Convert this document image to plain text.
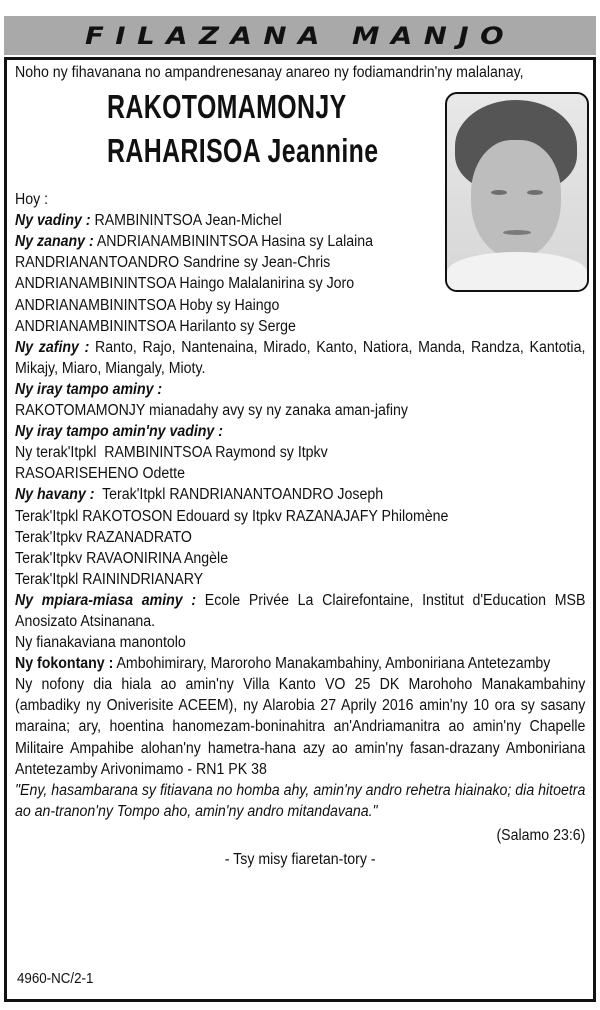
FILAZANA MANJO

Noho ny fihavanana no ampandrenesanay anareo ny fodiamandrin'ny malalanay,

RAKOTOMAMONJY
RAHARISOA Jeannine

Hoy :

Ny vadiny : RAMBININTSOA Jean-Michel

Ny zanany : ANDRIANAMBININTSOA Hasina sy Lalaina

RANDRIANANTOANDRO Sandrine sy Jean-Chris

ANDRIANAMBININTSOA Haingo Malalanirina sy Joro

ANDRIANAMBININTSOA Hoby sy Haingo

ANDRIANAMBININTSOA Harilanto sy Serge

Ny zafiny : Ranto, Rajo, Nantenaina, Mirado, Kanto, Natiora, Manda, Randza, Kantotia, Mikajy, Miaro, Miangaly, Mioty.

Ny iray tampo aminy :

RAKOTOMAMONJY mianadahy avy sy ny zanaka aman-jafiny

Ny iray tampo amin'ny vadiny :

Ny terak'Itpkl  RAMBININTSOA Raymond sy Itpkv

RASOARISEHENO Odette

Ny havany :  Terak'Itpkl RANDRIANANTOANDRO Joseph

Terak'Itpkl RAKOTOSON Edouard sy Itpkv RAZANAJAFY Philomène

Terak'Itpkv RAZANADRATO

Terak'Itpkv RAVAONIRINA Angèle

Terak'Itpkl RAININDRIANARY

Ny mpiara-miasa aminy : Ecole Privée La Clairefontaine, Institut d'Education MSB Anosizato Atsinanana.

Ny fianakaviana manontolo

Ny fokontany : Ambohimirary, Maroroho Manakambahiny, Amboniriana Antetezamby

Ny nofony dia hiala ao amin'ny Villa Kanto VO 25 DK Marohoho Manakambahiny (ambadiky ny Oniverisite ACEEM), ny Alarobia 27 Aprily 2016 amin'ny 10 ora sy sasany maraina; ary, hoentina hanomezam-boninahitra an'Andriamanitra ao amin'ny Chapelle Militaire Ampahibe alohan'ny hametra-hana azy ao amin'ny fasan-drazany Amboniriana Antetezamby Arivonimamo - RN1 PK 38

"Eny, hasambarana sy fitiavana no homba ahy, amin'ny andro rehetra hiainako; dia hitoetra ao an-tranon'ny Tompo aho, amin'ny andro mitandavana."

(Salamo 23:6)

- Tsy misy fiaretan-tory -

4960-NC/2-1
